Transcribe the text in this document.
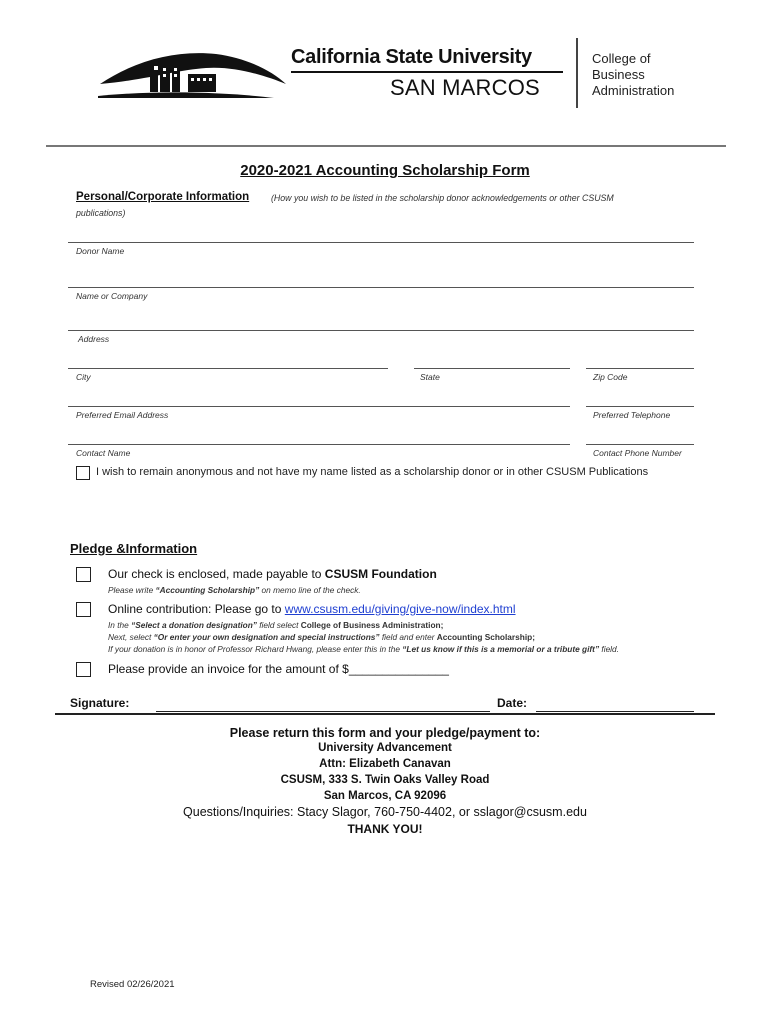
California State University
SAN MARCOS
College of
Business
Administration
2020-2021 Accounting Scholarship Form
Personal/Corporate Information (How you wish to be listed in the scholarship donor acknowledgements or other CSUSM
publications)
Donor Name
Name or Company
Address
City	State	Zip Code
Preferred Email Address	Preferred Telephone
Contact Name	Contact Phone Number
I wish to remain anonymous and not have my name listed as a scholarship donor or in other CSUSM Publications
Pledge &Information
Our check is enclosed, made payable to CSUSM Foundation
Please write “Accounting Scholarship” on memo line of the check.
Online contribution: Please go to www.csusm.edu/giving/give-now/index.html
In the “Select a donation designation” field select College of Business Administration;
Next, select “Or enter your own designation and special instructions” field and enter Accounting Scholarship;
If your donation is in honor of Professor Richard Hwang, please enter this in the “Let us know if this is a memorial or a tribute gift” field.
Please provide an invoice for the amount of $_______________
Signature:	Date:
Please return this form and your pledge/payment to:
University Advancement
Attn: Elizabeth Canavan
CSUSM, 333 S. Twin Oaks Valley Road
San Marcos, CA 92096
Questions/Inquiries: Stacy Slagor, 760-750-4402, or sslagor@csusm.edu
THANK YOU!
Revised 02/26/2021
